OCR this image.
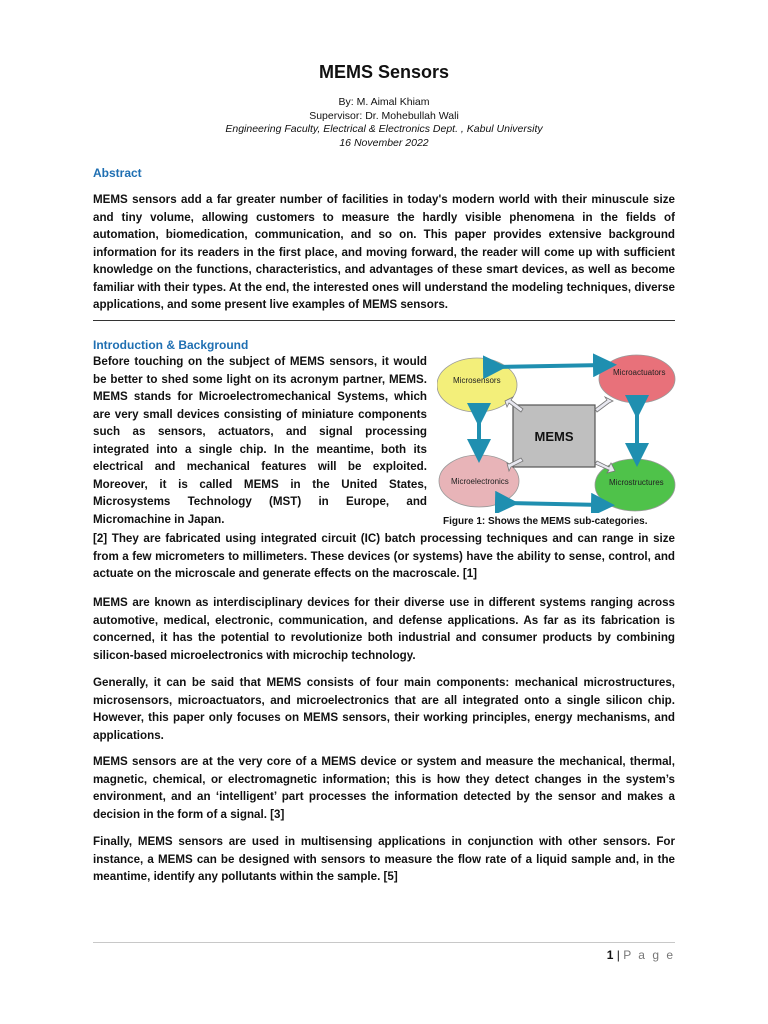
MEMS Sensors
By: M. Aimal Khiam
Supervisor: Dr. Mohebullah Wali
Engineering Faculty, Electrical & Electronics Dept. , Kabul University
16 November 2022
Abstract
MEMS sensors add a far greater number of facilities in today's modern world with their minuscule size and tiny volume, allowing customers to measure the hardly visible phenomena in the fields of automation, biomedication, communication, and so on. This paper provides extensive background information for its readers in the first place, and moving forward, the reader will come up with sufficient knowledge on the functions, characteristics, and advantages of these smart devices, as well as become familiar with their types. At the end, the interested ones will understand the modeling techniques, diverse applications, and some present live examples of MEMS sensors.
Introduction & Background
Before touching on the subject of MEMS sensors, it would be better to shed some light on its acronym partner, MEMS. MEMS stands for Microelectromechanical Systems, which are very small devices consisting of miniature components such as sensors, actuators, and signal processing integrated into a single chip. In the meantime, both its electrical and mechanical features will be exploited. Moreover, it is called MEMS in the United States, Microsystems Technology (MST) in Europe, and Micromachine in Japan.
MEMS
Microsensors
Microactuators
Microelectronics	Microstructures
Figure 1: Shows the MEMS sub-categories.
[2] They are fabricated using integrated circuit (IC) batch processing techniques and can range in size from a few micrometers to millimeters. These devices (or systems) have the ability to sense, control, and actuate on the microscale and generate effects on the macroscale. [1]
MEMS are known as interdisciplinary devices for their diverse use in different systems ranging across automotive, medical, electronic, communication, and defense applications. As far as its fabrication is concerned, it has the potential to revolutionize both industrial and consumer products by combining silicon-based microelectronics with microchip technology.
Generally, it can be said that MEMS consists of four main components: mechanical microstructures, microsensors, microactuators, and microelectronics that are all integrated onto a single silicon chip. However, this paper only focuses on MEMS sensors, their working principles, energy mechanisms, and applications.
MEMS sensors are at the very core of a MEMS device or system and measure the mechanical, thermal, magnetic, chemical, or electromagnetic information; this is how they detect changes in the system’s environment, and an ‘intelligent’ part processes the information detected by the sensor and makes a decision in the form of a signal. [3]
Finally, MEMS sensors are used in multisensing applications in conjunction with other sensors. For instance, a MEMS can be designed with sensors to measure the flow rate of a liquid sample and, in the meantime, identify any pollutants within the sample. [5]
1 | P a g e
